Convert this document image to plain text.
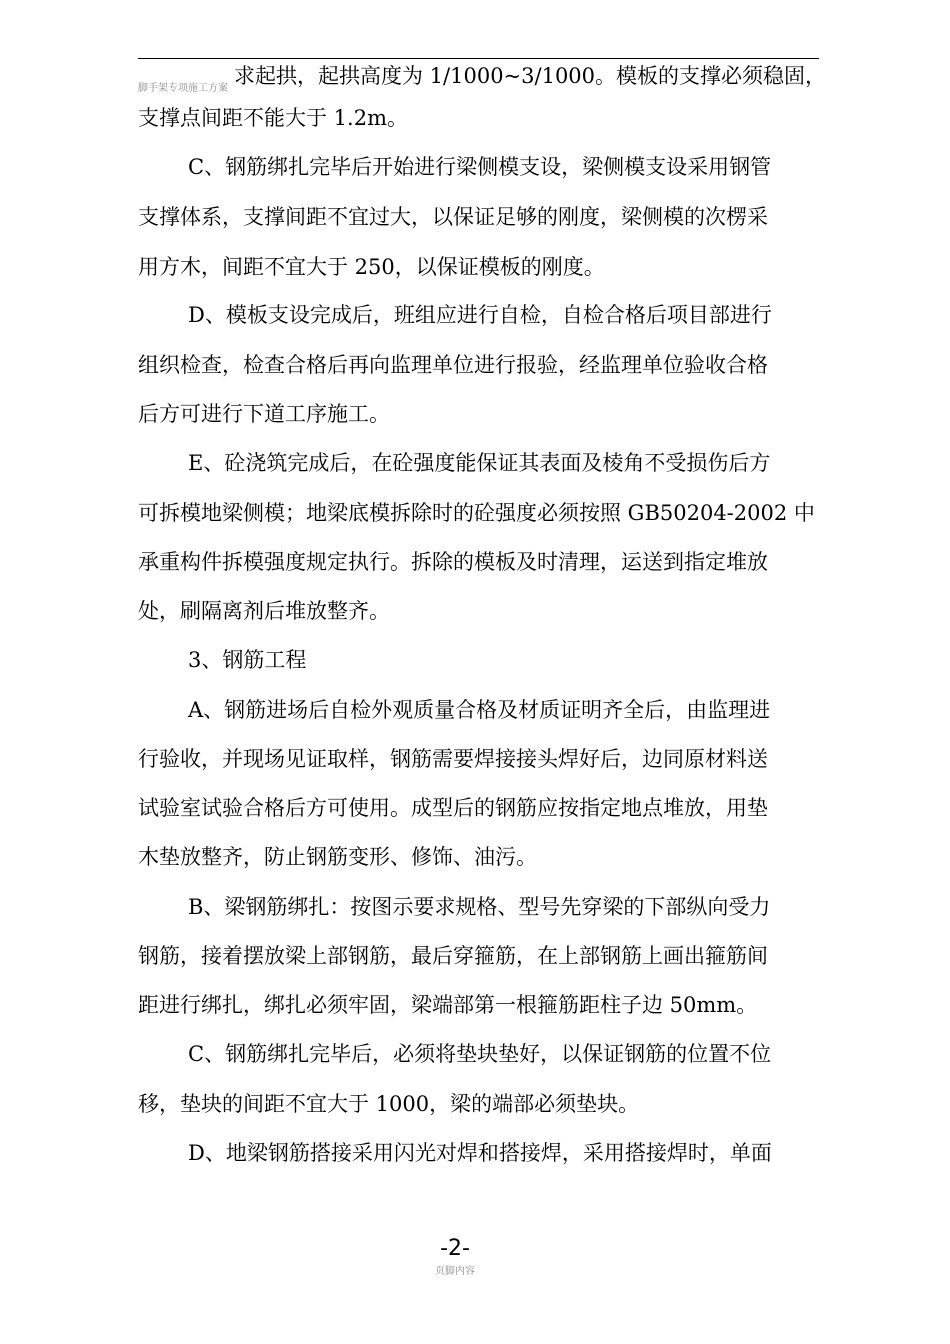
脚手架专项施工方案
求起拱，起拱高度为 1/1000~3/1000。模板的支撑必须稳固，
支撑点间距不能大于 1.2m。
C、钢筋绑扎完毕后开始进行梁侧模支设，梁侧模支设采用钢管
支撑体系，支撑间距不宜过大，以保证足够的刚度，梁侧模的次楞采
用方木，间距不宜大于 250，以保证模板的刚度。
D、模板支设完成后，班组应进行自检，自检合格后项目部进行
组织检查，检查合格后再向监理单位进行报验，经监理单位验收合格
后方可进行下道工序施工。
E、砼浇筑完成后，在砼强度能保证其表面及棱角不受损伤后方
可拆模地梁侧模；地梁底模拆除时的砼强度必须按照 GB50204-2002 中
承重构件拆模强度规定执行。拆除的模板及时清理，运送到指定堆放
处，刷隔离剂后堆放整齐。
3、钢筋工程
A、钢筋进场后自检外观质量合格及材质证明齐全后，由监理进
行验收，并现场见证取样，钢筋需要焊接接头焊好后，边同原材料送
试验室试验合格后方可使用。成型后的钢筋应按指定地点堆放，用垫
木垫放整齐，防止钢筋变形、修饰、油污。
B、梁钢筋绑扎：按图示要求规格、型号先穿梁的下部纵向受力
钢筋，接着摆放梁上部钢筋，最后穿箍筋，在上部钢筋上画出箍筋间
距进行绑扎，绑扎必须牢固，梁端部第一根箍筋距柱子边 50mm。
C、钢筋绑扎完毕后，必须将垫块垫好，以保证钢筋的位置不位
移，垫块的间距不宜大于 1000，梁的端部必须垫块。
D、地梁钢筋搭接采用闪光对焊和搭接焊，采用搭接焊时，单面
-2-
页脚内容
